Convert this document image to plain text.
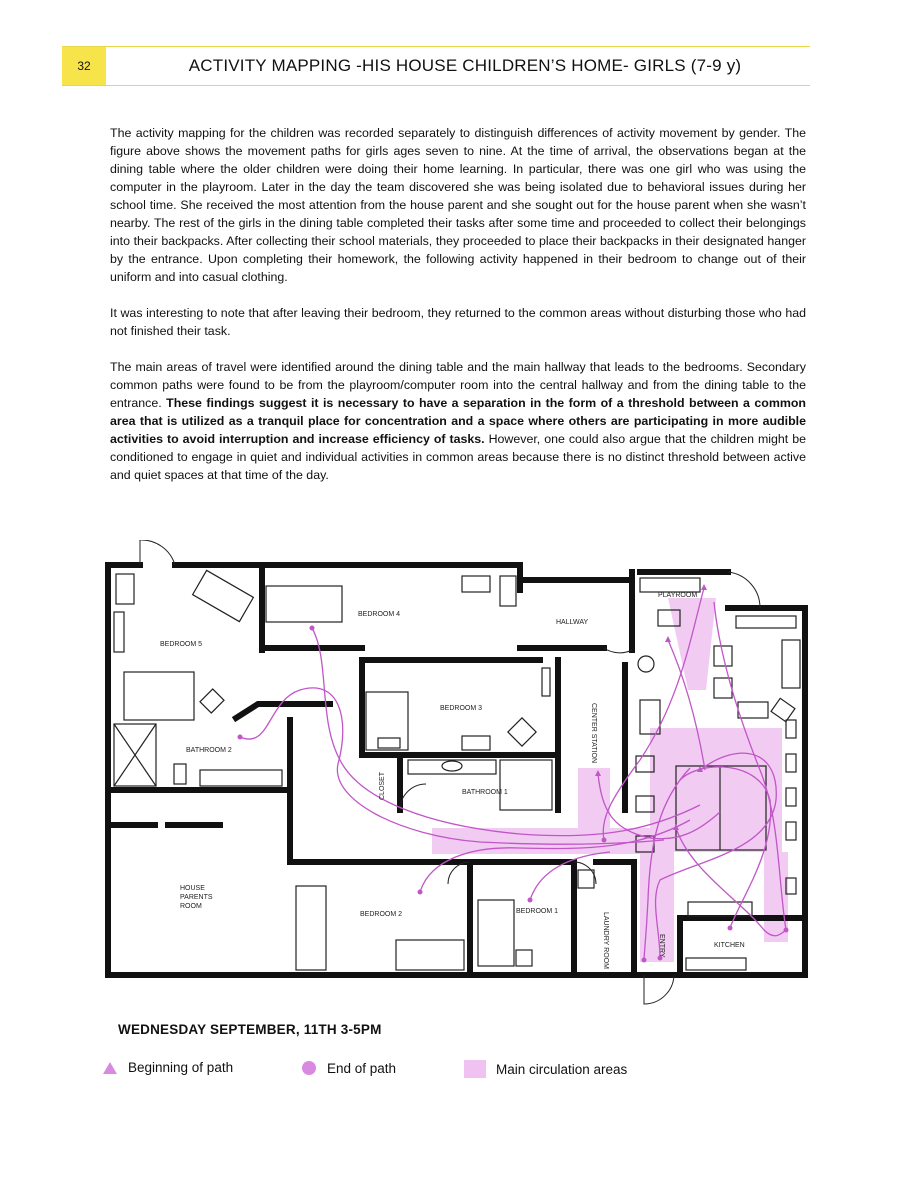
32	ACTIVITY MAPPING -HIS HOUSE CHILDREN’S HOME- GIRLS (7-9 y)

The activity mapping for the children was recorded separately to distinguish differences of activity movement by gender. The figure above shows the movement paths for girls ages seven to nine. At the time of arrival, the observations began at the dining table where the older children were doing their home learning. In particular, there was one girl who was using the computer in the playroom. Later in the day the team discovered she was being isolated due to behavioral issues during her school time. She received the most attention from the house parent and she sought out for the house parent when she wasn’t nearby. The rest of the girls in the dining table completed their tasks after some time and proceeded to collect their belongings into their backpacks. After collecting their school materials, they proceeded to place their backpacks in their designated hanger by the entrance. Upon completing their homework, the following activity happened in their bedroom to change out of their uniform and into casual clothing.

It was interesting to note that after leaving their bedroom, they returned to the common areas without disturbing those who had not finished their task.

The main areas of travel were identified around the dining table and the main hallway that leads to the bedrooms. Secondary common paths were found to be from the playroom/computer room into the central hallway and from the dining table to the entrance. These findings suggest it is necessary to have a separation in the form of a threshold between a common area that is utilized as a tranquil place for concentration and a space where others are participating in more audible activities to avoid interruption and increase efficiency of tasks. However, one could also argue that the children might be conditioned to engage in quiet and individual activities in common areas because there is no distinct threshold between active and quiet spaces at that time of the day.

BEDROOM 5
BEDROOM 4
HALLWAY
PLAYROOM
BEDROOM 3
BATHROOM 2
CLOSET	BATHROOM 1
CENTER STATION
HOUSE
PARENTS
ROOM
BEDROOM 2	BEDROOM 1
LAUNDRY ROOM	ENTRY	KITCHEN
WEDNESDAY SEPTEMBER, 11TH 3-5PM
Beginning of path	End of path	Main circulation areas
